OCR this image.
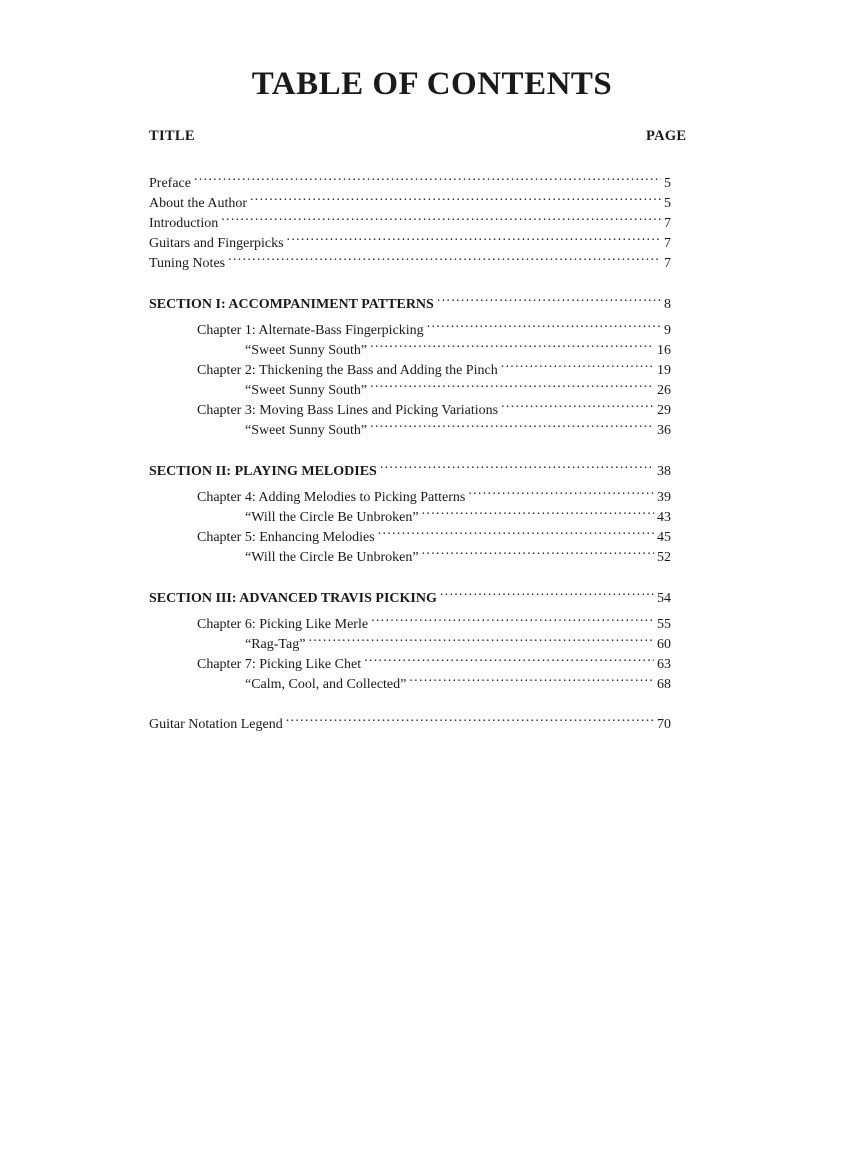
TABLE OF CONTENTS
TITLE	PAGE
Preface . . .	5
About the Author . . .	5
Introduction . . .	7
Guitars and Fingerpicks . . .	7
Tuning Notes . . .	7
SECTION I: ACCOMPANIMENT PATTERNS . . .	8
Chapter 1: Alternate-Bass Fingerpicking . . .	9
“Sweet Sunny South” . . .	16
Chapter 2: Thickening the Bass and Adding the Pinch . . .	19
“Sweet Sunny South” . . .	26
Chapter 3: Moving Bass Lines and Picking Variations . . .	29
“Sweet Sunny South” . . .	36
SECTION II: PLAYING MELODIES . . .	38
Chapter 4: Adding Melodies to Picking Patterns . . .	39
“Will the Circle Be Unbroken” . . .	43
Chapter 5: Enhancing Melodies . . .	45
“Will the Circle Be Unbroken” . . .	52
SECTION III: ADVANCED TRAVIS PICKING . . .	54
Chapter 6: Picking Like Merle . . .	55
“Rag-Tag” . . .	60
Chapter 7: Picking Like Chet . . .	63
“Calm, Cool, and Collected” . . .	68
Guitar Notation Legend . . .	70
